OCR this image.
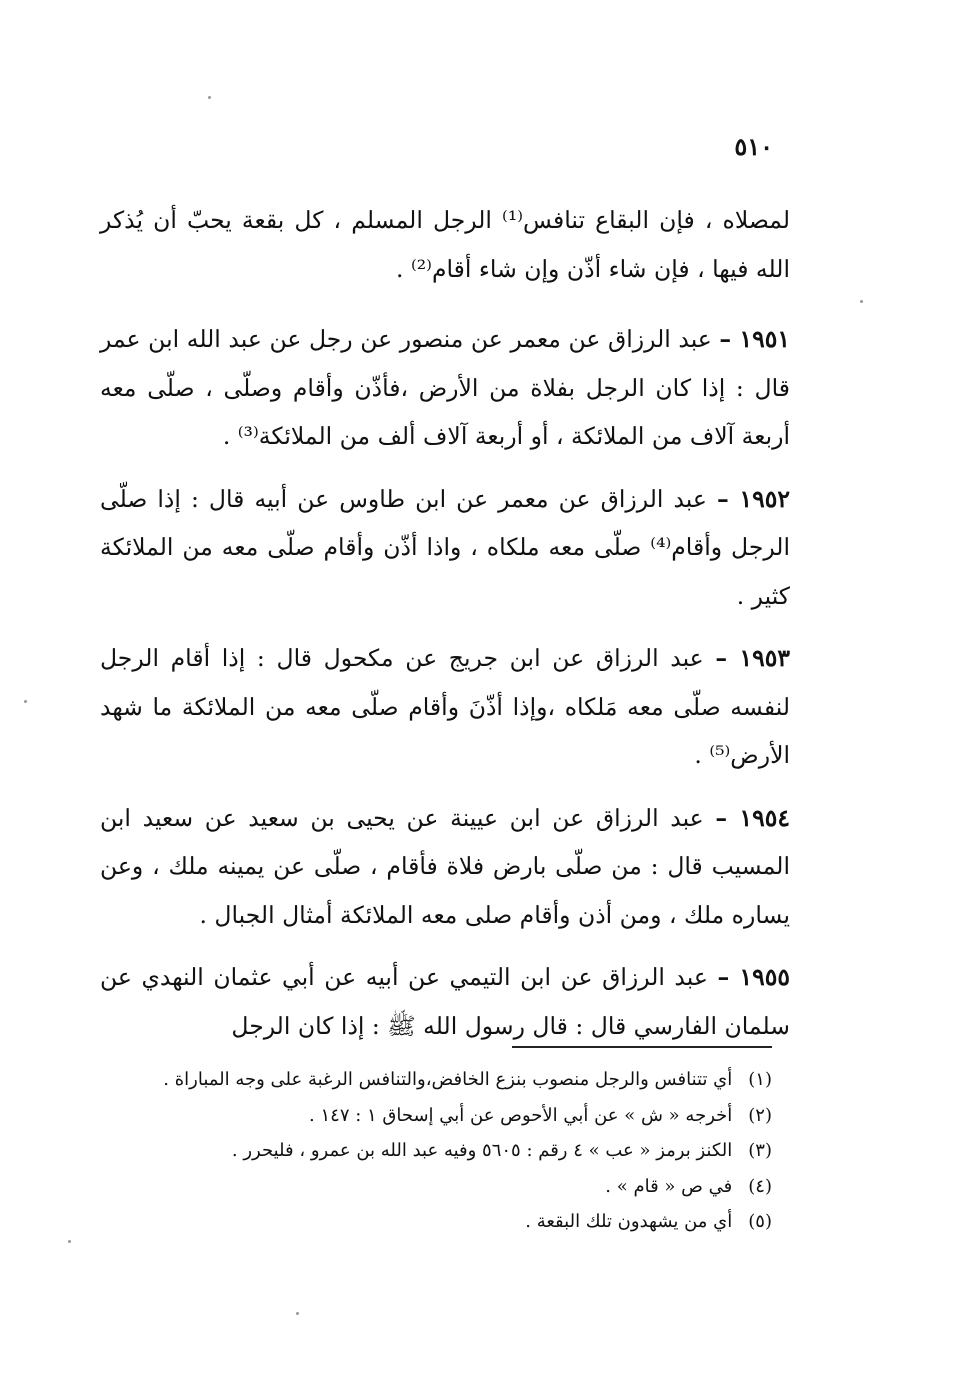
٥١٠

لمصلاه ، فإن البقاع تنافس⁽¹⁾ الرجل المسلم ، كل بقعة يحبّ أن يُذكر الله فيها ، فإن شاء أذّن وإن شاء أقام⁽²⁾ .

١٩٥١ – عبد الرزاق عن معمر عن منصور عن رجل عن عبد الله ابن عمر قال : إذا كان الرجل بفلاة من الأرض ،فأذّن وأقام وصلّى ، صلّى معه أربعة آلاف من الملائكة ، أو أربعة آلاف ألف من الملائكة⁽³⁾ .

١٩٥٢ – عبد الرزاق عن معمر عن ابن طاوس عن أبيه قال : إذا صلّى الرجل وأقام⁽⁴⁾ صلّى معه ملكاه ، واذا أذّن وأقام صلّى معه من الملائكة كثير .

١٩٥٣ – عبد الرزاق عن ابن جريج عن مكحول قال : إذا أقام الرجل لنفسه صلّى معه مَلكاه ،وإذا أذّنَ وأقام صلّى معه من الملائكة ما شهد الأرض⁽⁵⁾ .

١٩٥٤ – عبد الرزاق عن ابن عيينة عن يحيى بن سعيد عن سعيد ابن المسيب قال : من صلّى بارض فلاة فأقام ، صلّى عن يمينه ملك ، وعن يساره ملك ، ومن أذن وأقام صلى معه الملائكة أمثال الجبال .

١٩٥٥ – عبد الرزاق عن ابن التيمي عن أبيه عن أبي عثمان النهدي عن سلمان الفارسي قال : قال رسول الله ﷺ : إذا كان الرجل

(١) أي تتنافس والرجل منصوب بنزع الخافض،والتنافس الرغبة على وجه المباراة .

(٢) أخرجه « ش » عن أبي الأحوص عن أبي إسحاق ١ : ١٤٧ .

(٣) الكنز برمز « عب » ٤ رقم : ٥٦٠٥ وفيه عبد الله بن عمرو ، فليحرر .

(٤) في ص « قام » .

(٥) أي من يشهدون تلك البقعة .
